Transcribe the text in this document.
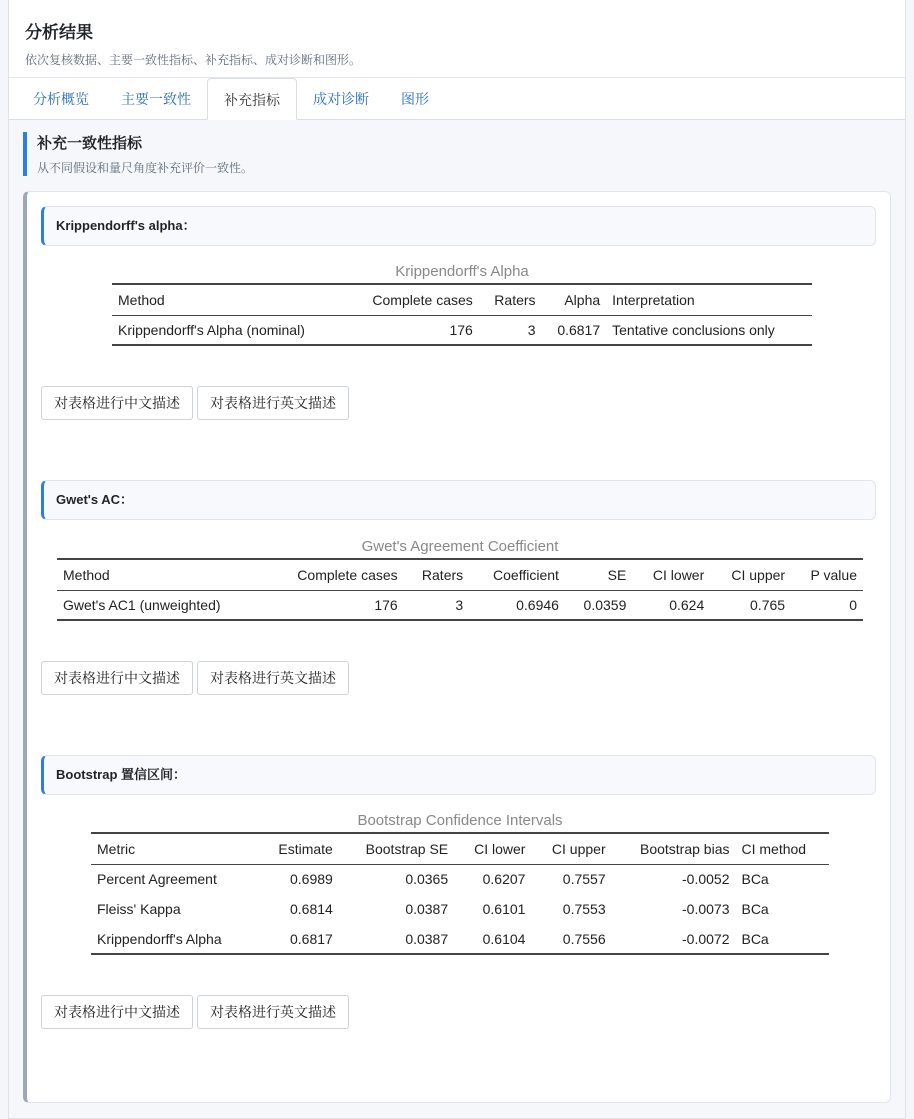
分析结果
依次复核数据、主要一致性指标、补充指标、成对诊断和图形。
分析概览	主要一致性	补充指标	成对诊断	图形
补充一致性指标
从不同假设和量尺角度补充评价一致性。
Krippendorff's alpha：
Krippendorff's Alpha
Method	Complete cases	Raters	Alpha	Interpretation
Krippendorff's Alpha (nominal)	176	3	0.6817	Tentative conclusions only
对表格进行中文描述	对表格进行英文描述
Gwet's AC：
Gwet's Agreement Coefficient
Method	Complete cases	Raters	Coefficient	SE	CI lower	CI upper	P value
Gwet's AC1 (unweighted)	176	3	0.6946	0.0359	0.624	0.765	0
对表格进行中文描述	对表格进行英文描述
Bootstrap 置信区间：
Bootstrap Confidence Intervals
Metric	Estimate	Bootstrap SE	CI lower	CI upper	Bootstrap bias	CI method
Percent Agreement	0.6989	0.0365	0.6207	0.7557	-0.0052	BCa
Fleiss' Kappa	0.6814	0.0387	0.6101	0.7553	-0.0073	BCa
Krippendorff's Alpha	0.6817	0.0387	0.6104	0.7556	-0.0072	BCa
对表格进行中文描述	对表格进行英文描述
